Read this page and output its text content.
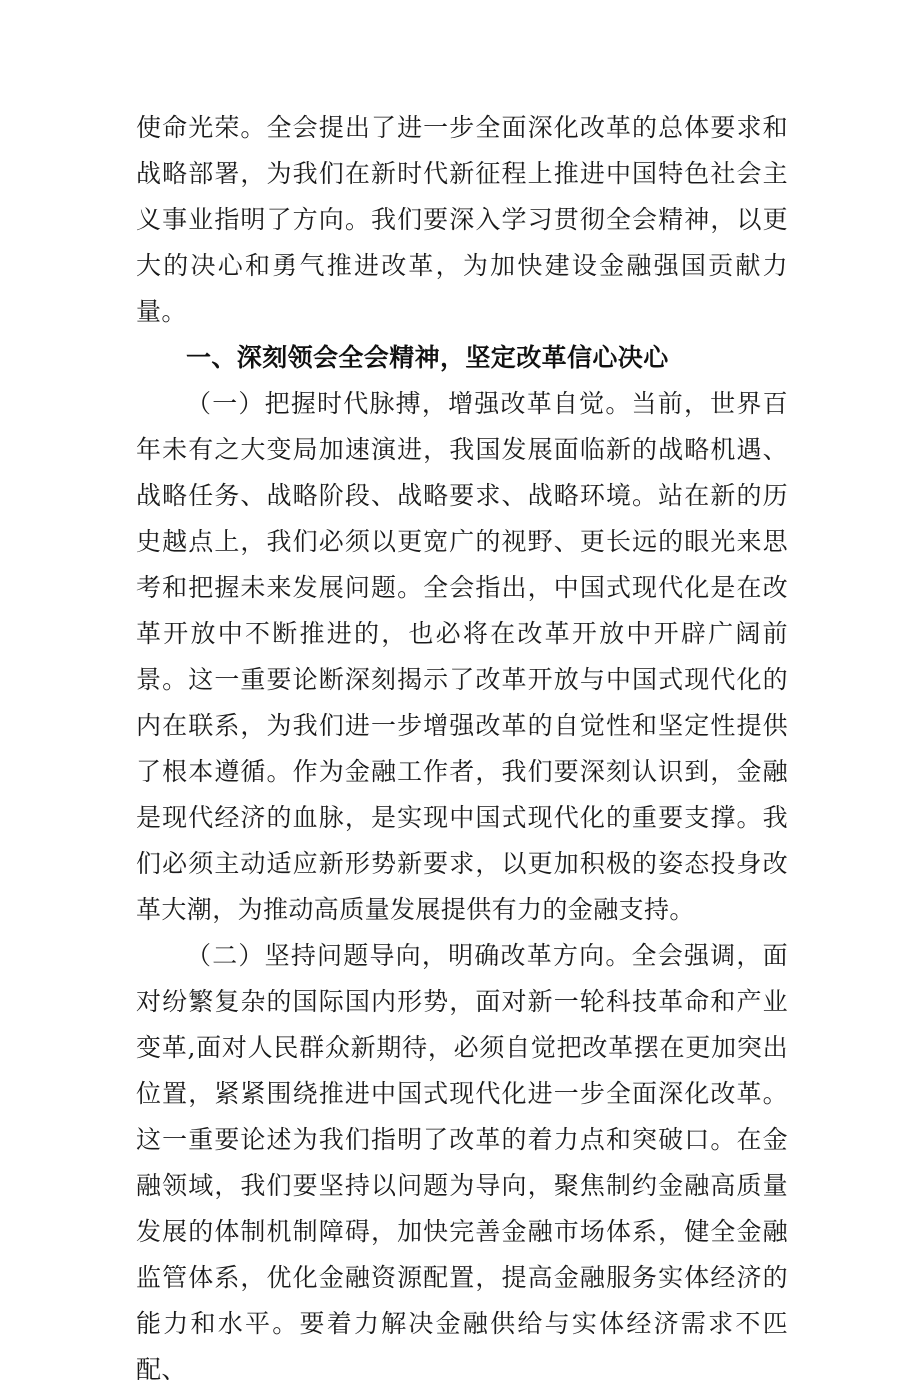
使命光荣。全会提出了进一步全面深化改革的总体要求和战略部署，为我们在新时代新征程上推进中国特色社会主义事业指明了方向。我们要深入学习贯彻全会精神，以更大的决心和勇气推进改革，为加快建设金融强国贡献力量。

一、深刻领会全会精神，坚定改革信心决心

（一）把握时代脉搏，增强改革自觉。当前，世界百年未有之大变局加速演进，我国发展面临新的战略机遇、战略任务、战略阶段、战略要求、战略环境。站在新的历史越点上，我们必须以更宽广的视野、更长远的眼光来思考和把握未来发展问题。全会指出，中国式现代化是在改革开放中不断推进的，也必将在改革开放中开辟广阔前景。这一重要论断深刻揭示了改革开放与中国式现代化的内在联系，为我们进一步增强改革的自觉性和坚定性提供了根本遵循。作为金融工作者，我们要深刻认识到，金融是现代经济的血脉，是实现中国式现代化的重要支撑。我们必须主动适应新形势新要求，以更加积极的姿态投身改革大潮，为推动高质量发展提供有力的金融支持。

（二）坚持问题导向，明确改革方向。全会强调，面对纷繁复杂的国际国内形势，面对新一轮科技革命和产业变革,面对人民群众新期待，必须自觉把改革摆在更加突出位置，紧紧围绕推进中国式现代化进一步全面深化改革。这一重要论述为我们指明了改革的着力点和突破口。在金融领域，我们要坚持以问题为导向，聚焦制约金融高质量发展的体制机制障碍，加快完善金融市场体系，健全金融监管体系，优化金融资源配置，提高金融服务实体经济的能力和水平。要着力解决金融供给与实体经济需求不匹配、
